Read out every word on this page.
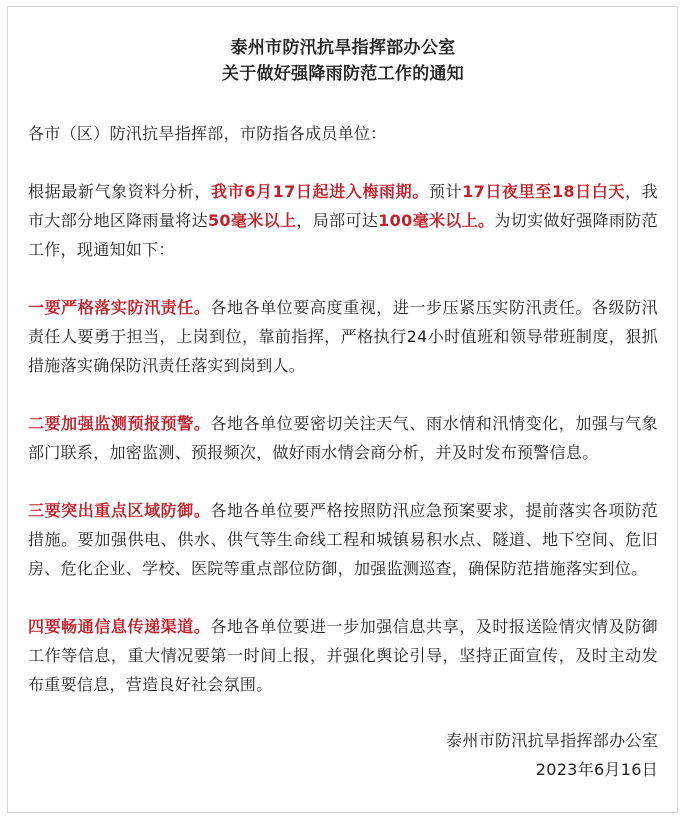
泰州市防汛抗旱指挥部办公室
关于做好强降雨防范工作的通知

各市（区）防汛抗旱指挥部，市防指各成员单位：

根据最新气象资料分析，我市6月17日起进入梅雨期。预计17日夜里至18日白天，我市大部分地区降雨量将达50毫米以上，局部可达100毫米以上。为切实做好强降雨防范工作，现通知如下：

一要严格落实防汛责任。各地各单位要高度重视，进一步压紧压实防汛责任。各级防汛责任人要勇于担当，上岗到位，靠前指挥，严格执行24小时值班和领导带班制度，狠抓措施落实确保防汛责任落实到岗到人。

二要加强监测预报预警。各地各单位要密切关注天气、雨水情和汛情变化，加强与气象部门联系，加密监测、预报频次，做好雨水情会商分析，并及时发布预警信息。

三要突出重点区域防御。各地各单位要严格按照防汛应急预案要求，提前落实各项防范措施。要加强供电、供水、供气等生命线工程和城镇易积水点、隧道、地下空间、危旧房、危化企业、学校、医院等重点部位防御，加强监测巡查，确保防范措施落实到位。

四要畅通信息传递渠道。各地各单位要进一步加强信息共享，及时报送险情灾情及防御工作等信息，重大情况要第一时间上报，并强化舆论引导，坚持正面宣传，及时主动发布重要信息，营造良好社会氛围。

泰州市防汛抗旱指挥部办公室
2023年6月16日
